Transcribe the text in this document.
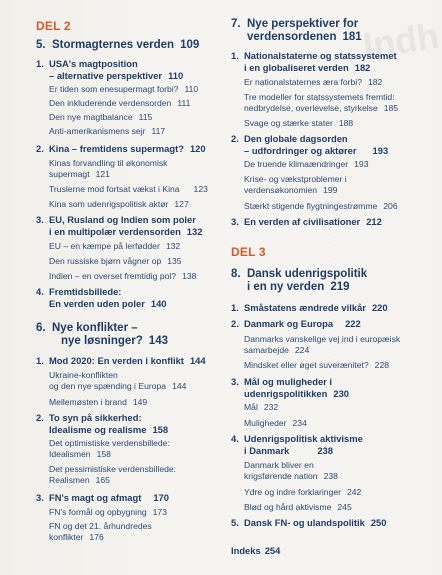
Indh
DEL 2
5. Stormagternes verden 109
1. USA's magtposition
– alternative perspektiver 110
Er tiden som enesupermagt forbi? 110
Den inkluderende verdensorden 111
Den nye magtbalance 115
Anti-amerikanismens sejr 117
2. Kina – fremtidens supermagt? 120
Kinas forvandling til økonomisk
supermagt 121
Truslerne mod fortsat vækst i Kina 123
Kina som udenrigspolitisk aktør 127
3. EU, Rusland og Indien som poler
i en multipolær verdensorden 132
EU – en kæmpe på lerfødder 132
Den russiske bjørn vågner op 135
Indien – en overset fremtidig pol? 138
4. Fremtidsbillede:
En verden uden poler 140
6. Nye konflikter –
nye løsninger? 143
1. Mod 2020: En verden i konflikt 144
Ukraine-konflikten
og den nye spænding i Europa 144
Mellemøsten i brand 149
2. To syn på sikkerhed:
Idealisme og realisme 158
Det optimistiske verdensbillede:
Idealismen 158
Det pessimistiske verdensbillede:
Realismen 165
3. FN's magt og afmagt 170
FN's formål og opbygning 173
FN og det 21. århundredes
konflikter 176
7. Nye perspektiver for
verdensordenen 181
1. Nationalstaterne og statssystemet
i en globaliseret verden 182
Er nationalstaternes æra forbi? 182
Tre modeller for statssystemets fremtid:
nedbrydelse, overlevelse, styrkelse 185
Svage og stærke stater 188
2. Den globale dagsorden
– udfordringer og aktører 193
De truende klimaændringer 193
Krise- og vækstproblemer i
verdensøkonomien 199
Stærkt stigende flygtningestrømme 206
3. En verden af civilisationer 212
DEL 3
8. Dansk udenrigspolitik
i en ny verden 219
1. Småstatens ændrede vilkår 220
2. Danmark og Europa 222
Danmarks vanskelige vej ind i europæisk
samarbejde 224
Mindsket eller øget suverænitet? 228
3. Mål og muligheder i
udenrigspolitikken 230
Mål 232
Muligheder 234
4. Udenrigspolitisk aktivisme
i Danmark	238
Danmark bliver en
krigsførende nation 238
Ydre og indre forklaringer 242
Blød og hård aktivisme 245
5. Dansk FN- og ulandspolitik 250
Indeks 254
